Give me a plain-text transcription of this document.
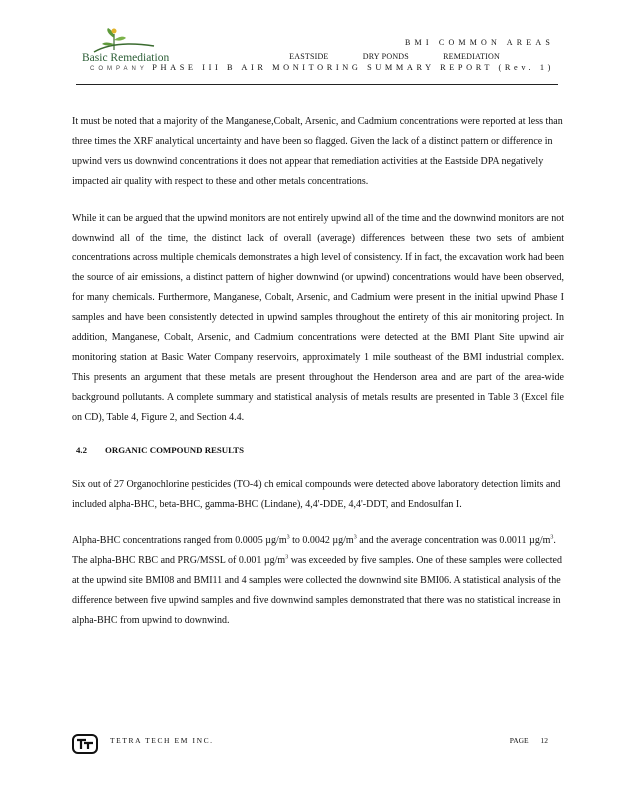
Basic Remediation
COMPANY
BMI COMMON AREAS
EASTSIDE	DRY PONDS	REMEDIATION
PHASE III B AIR MONITORING SUMMARY REPORT (Rev. 1)

It must be noted that a majority of the Manganese,Cobalt, Arsenic, and Cadmium concentrations were reported at less than three times the XRF analytical uncertainty and have been so flagged. Given the lack of a distinct pattern or difference in upwind vers us downwind concentrations it does not appear that remediation activities at the Eastside DPA negatively impacted air quality with respect to these and other metals concentrations.

While it can be argued that the upwind monitors are not entirely upwind all of the time and the downwind monitors are not downwind all of the time, the distinct lack of overall (average) differences between these two sets of ambient concentrations across multiple chemicals demonstrates a high level of consistency. If in fact, the excavation work had been the source of air emissions, a distinct pattern of higher downwind (or upwind) concentrations would have been observed, for many chemicals. Furthermore, Manganese, Cobalt, Arsenic, and Cadmium were present in the initial upwind Phase I samples and have been consistently detected in upwind samples throughout the entirety of this air monitoring project. In addition, Manganese, Cobalt, Arsenic, and Cadmium concentrations were detected at the BMI Plant Site upwind air monitoring station at Basic Water Company reservoirs, approximately 1 mile southeast of the BMI industrial complex. This presents an argument that these metals are present throughout the Henderson area and are part of the area-wide background pollutants. A complete summary and statistical analysis of metals results are presented in Table 3 (Excel file on CD), Table 4, Figure 2, and Section 4.4.

4.2 ORGANIC COMPOUND RESULTS

Six out of 27 Organochlorine pesticides (TO-4) ch emical compounds were detected above laboratory detection limits and included alpha-BHC, beta-BHC, gamma-BHC (Lindane), 4,4'-DDE, 4,4'-DDT, and Endosulfan I.

Alpha-BHC concentrations ranged from 0.0005 $\mu g/m^3$ to 0.0042 $\mu g/m^3$ and the average concentration was 0.0011 $\mu g/m^3$. The alpha-BHC RBC and PRG/MSSL of 0.001 $\mu g/m^3$ was exceeded by five samples. One of these samples were collected at the upwind site BMI08 and BMI11 and 4 samples were collected the downwind site BMI06. A statistical analysis of the difference between five upwind samples and five downwind samples demonstrated that there was no statistical increase in alpha-BHC from upwind to downwind.

TETRA TECH EM INC.	PAGE 12
